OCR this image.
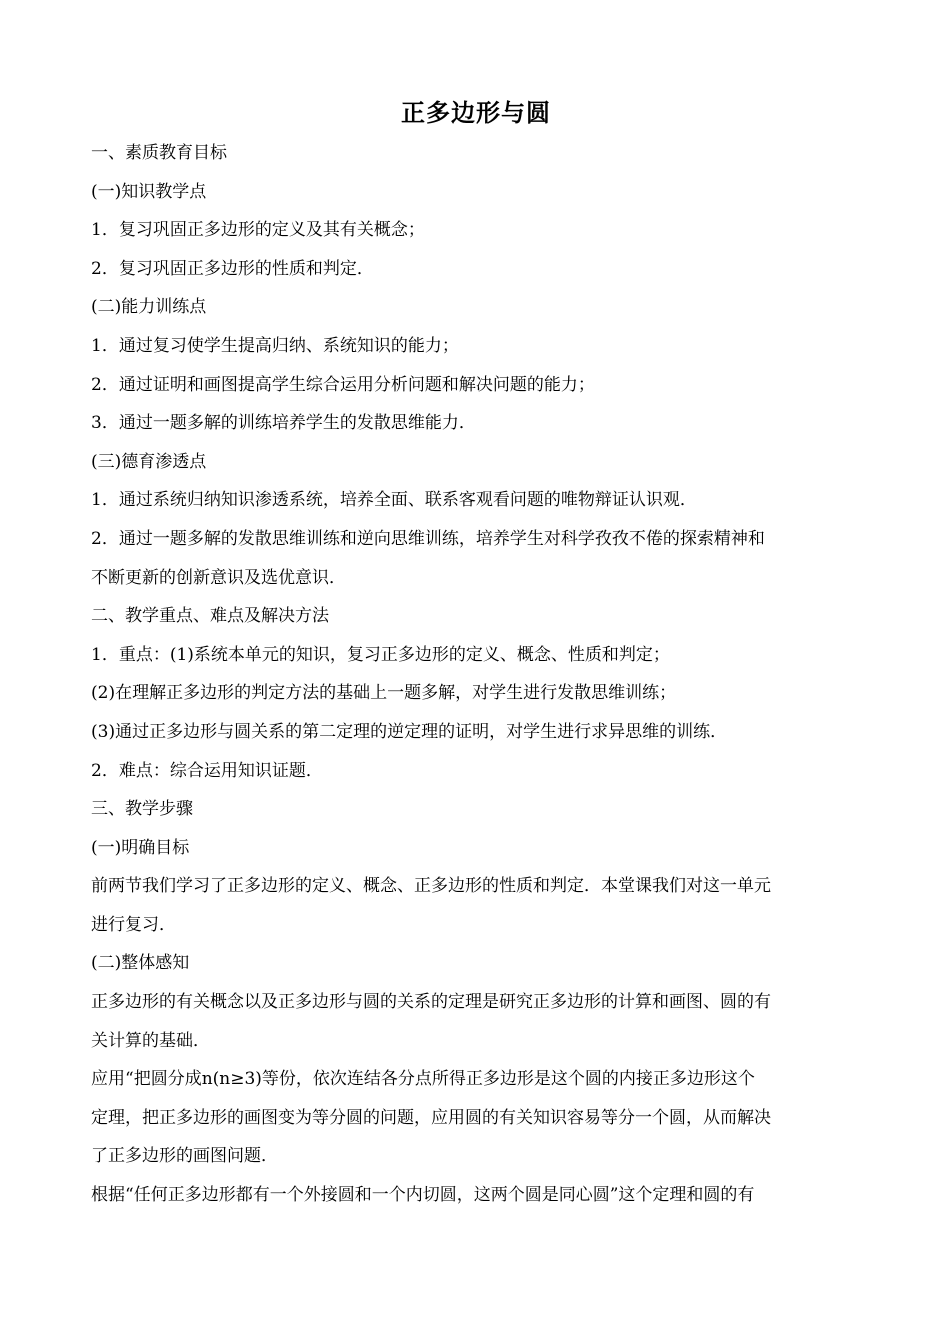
正多边形与圆

一、素质教育目标

(一)知识教学点

1．复习巩固正多边形的定义及其有关概念；

2．复习巩固正多边形的性质和判定．

(二)能力训练点

1．通过复习使学生提高归纳、系统知识的能力；

2．通过证明和画图提高学生综合运用分析问题和解决问题的能力；

3．通过一题多解的训练培养学生的发散思维能力．

(三)德育渗透点

1．通过系统归纳知识渗透系统，培养全面、联系客观看问题的唯物辩证认识观．

2．通过一题多解的发散思维训练和逆向思维训练，培养学生对科学孜孜不倦的探索精神和

不断更新的创新意识及选优意识．

二、教学重点、难点及解决方法

1．重点：(1)系统本单元的知识，复习正多边形的定义、概念、性质和判定；

(2)在理解正多边形的判定方法的基础上一题多解，对学生进行发散思维训练；

(3)通过正多边形与圆关系的第二定理的逆定理的证明，对学生进行求异思维的训练．

2．难点：综合运用知识证题．

三、教学步骤

(一)明确目标

前两节我们学习了正多边形的定义、概念、正多边形的性质和判定．本堂课我们对这一单元

进行复习．

(二)整体感知

正多边形的有关概念以及正多边形与圆的关系的定理是研究正多边形的计算和画图、圆的有

关计算的基础．

应用“把圆分成n(n≥3)等份，依次连结各分点所得正多边形是这个圆的内接正多边形这个

定理，把正多边形的画图变为等分圆的问题，应用圆的有关知识容易等分一个圆，从而解决

了正多边形的画图问题．

根据“任何正多边形都有一个外接圆和一个内切圆，这两个圆是同心圆”这个定理和圆的有
